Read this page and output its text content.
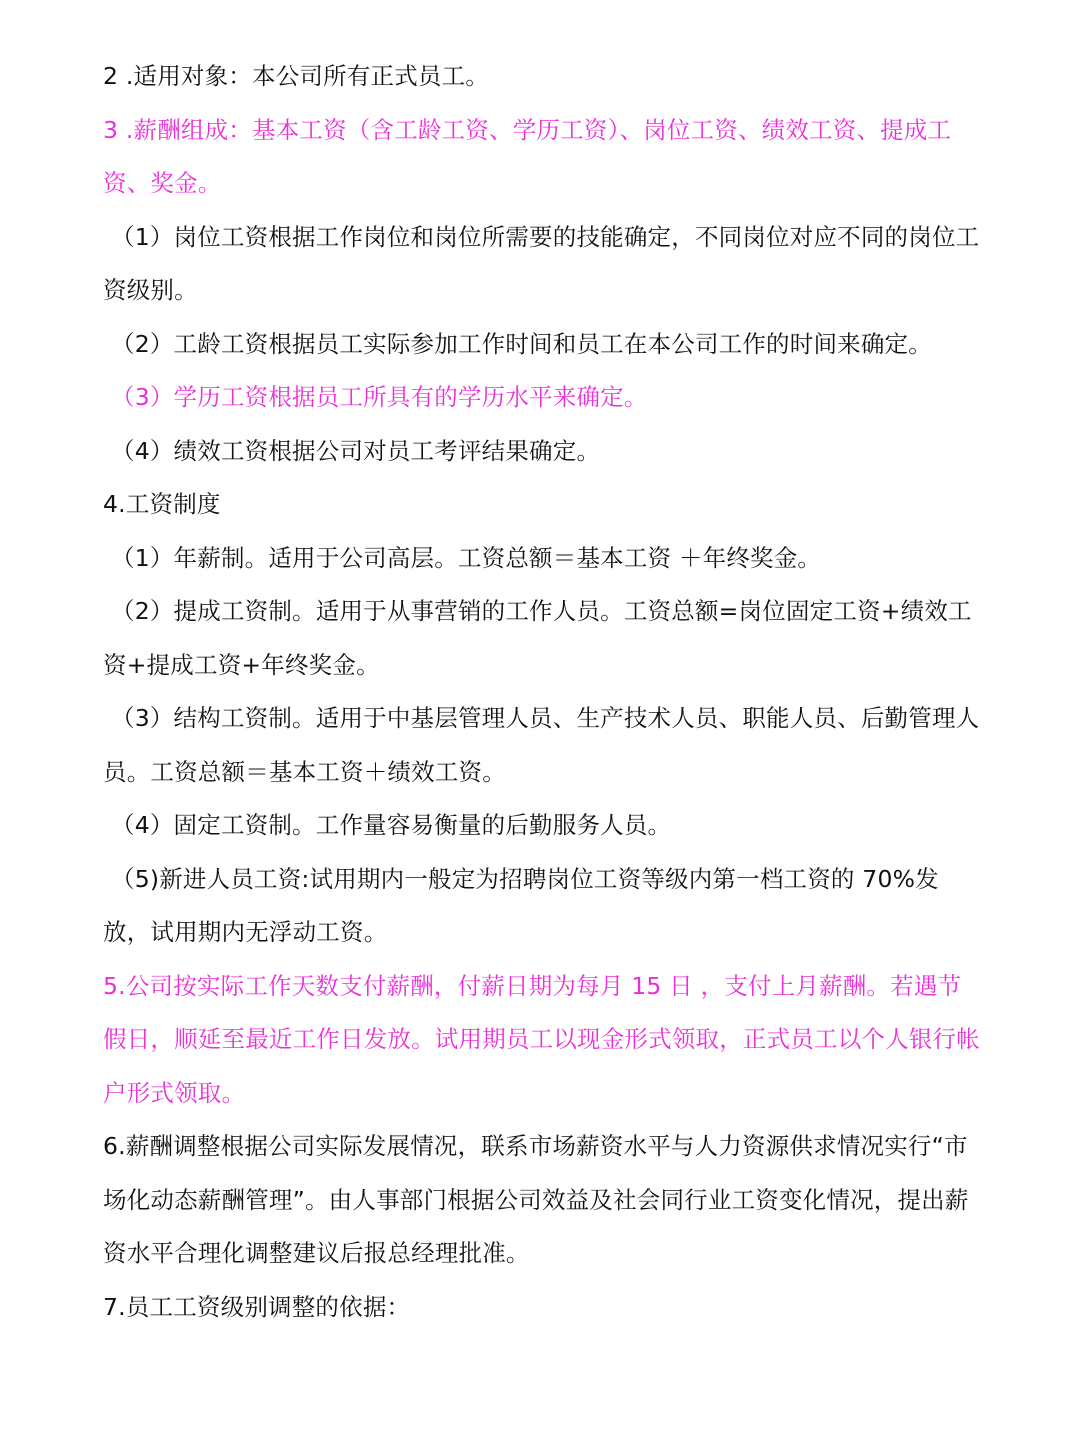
2 .适用对象：本公司所有正式员工。

3 .薪酬组成：基本工资（含工龄工资、学历工资）、岗位工资、绩效工资、提成工资、奖金。

（1）岗位工资根据工作岗位和岗位所需要的技能确定，不同岗位对应不同的岗位工资级别。

（2）工龄工资根据员工实际参加工作时间和员工在本公司工作的时间来确定。

（3）学历工资根据员工所具有的学历水平来确定。

（4）绩效工资根据公司对员工考评结果确定。

4.工资制度

（1）年薪制。适用于公司高层。工资总额＝基本工资 ＋年终奖金。

（2）提成工资制。适用于从事营销的工作人员。工资总额=岗位固定工资+绩效工资+提成工资+年终奖金。

（3）结构工资制。适用于中基层管理人员、生产技术人员、职能人员、后勤管理人员。工资总额＝基本工资＋绩效工资。

（4）固定工资制。工作量容易衡量的后勤服务人员。

（5)新进人员工资:试用期内一般定为招聘岗位工资等级内第一档工资的 70%发放，试用期内无浮动工资。

5.公司按实际工作天数支付薪酬，付薪日期为每月 15 日 ，支付上月薪酬。若遇节假日，顺延至最近工作日发放。试用期员工以现金形式领取，正式员工以个人银行帐户形式领取。

6.薪酬调整根据公司实际发展情况，联系市场薪资水平与人力资源供求情况实行“市场化动态薪酬管理”。由人事部门根据公司效益及社会同行业工资变化情况，提出薪资水平合理化调整建议后报总经理批准。

7.员工工资级别调整的依据：
